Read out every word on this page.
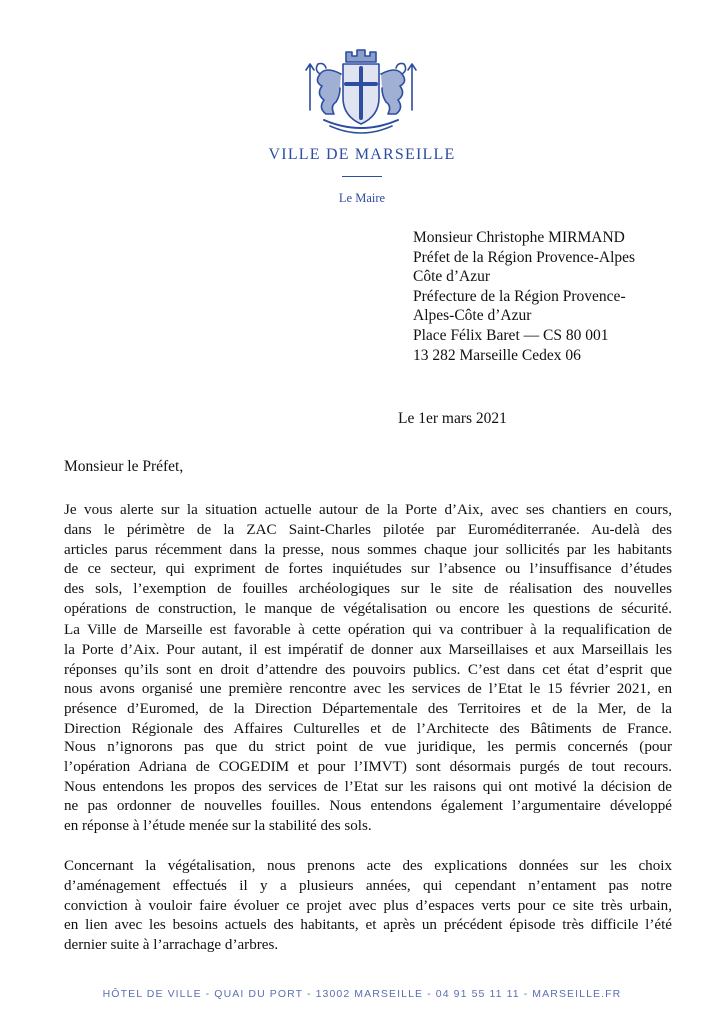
VILLE DE MARSEILLE
Le Maire
Monsieur Christophe MIRMAND
Préfet de la Région Provence-Alpes
Côte d’Azur
Préfecture de la Région Provence-
Alpes-Côte d’Azur
Place Félix Baret — CS 80 001
13 282 Marseille Cedex 06
Le 1er mars 2021
Monsieur le Préfet,
Je vous alerte sur la situation actuelle autour de la Porte d’Aix, avec ses chantiers en cours,
dans le périmètre de la ZAC Saint-Charles pilotée par Euroméditerranée. Au-delà des
articles parus récemment dans la presse, nous sommes chaque jour sollicités par les habitants
de ce secteur, qui expriment de fortes inquiétudes sur l’absence ou l’insuffisance d’études
des sols, l’exemption de fouilles archéologiques sur le site de réalisation des nouvelles
opérations de construction, le manque de végétalisation ou encore les questions de sécurité.
La Ville de Marseille est favorable à cette opération qui va contribuer à la requalification de
la Porte d’Aix. Pour autant, il est impératif de donner aux Marseillaises et aux Marseillais les
réponses qu’ils sont en droit d’attendre des pouvoirs publics. C’est dans cet état d’esprit que
nous avons organisé une première rencontre avec les services de l’Etat le 15 février 2021, en
présence d’Euromed, de la Direction Départementale des Territoires et de la Mer, de la
Direction Régionale des Affaires Culturelles et de l’Architecte des Bâtiments de France.
Nous n’ignorons pas que du strict point de vue juridique, les permis concernés (pour
l’opération Adriana de COGEDIM et pour l’IMVT) sont désormais purgés de tout recours.
Nous entendons les propos des services de l’Etat sur les raisons qui ont motivé la décision de
ne pas ordonner de nouvelles fouilles. Nous entendons également l’argumentaire développé
en réponse à l’étude menée sur la stabilité des sols.
Concernant la végétalisation, nous prenons acte des explications données sur les choix
d’aménagement effectués il y a plusieurs années, qui cependant n’entament pas notre
conviction à vouloir faire évoluer ce projet avec plus d’espaces verts pour ce site très urbain,
en lien avec les besoins actuels des habitants, et après un précédent épisode très difficile l’été
dernier suite à l’arrachage d’arbres.
HÔTEL DE VILLE - QUAI DU PORT - 13002 MARSEILLE - 04 91 55 11 11 - MARSEILLE.FR
